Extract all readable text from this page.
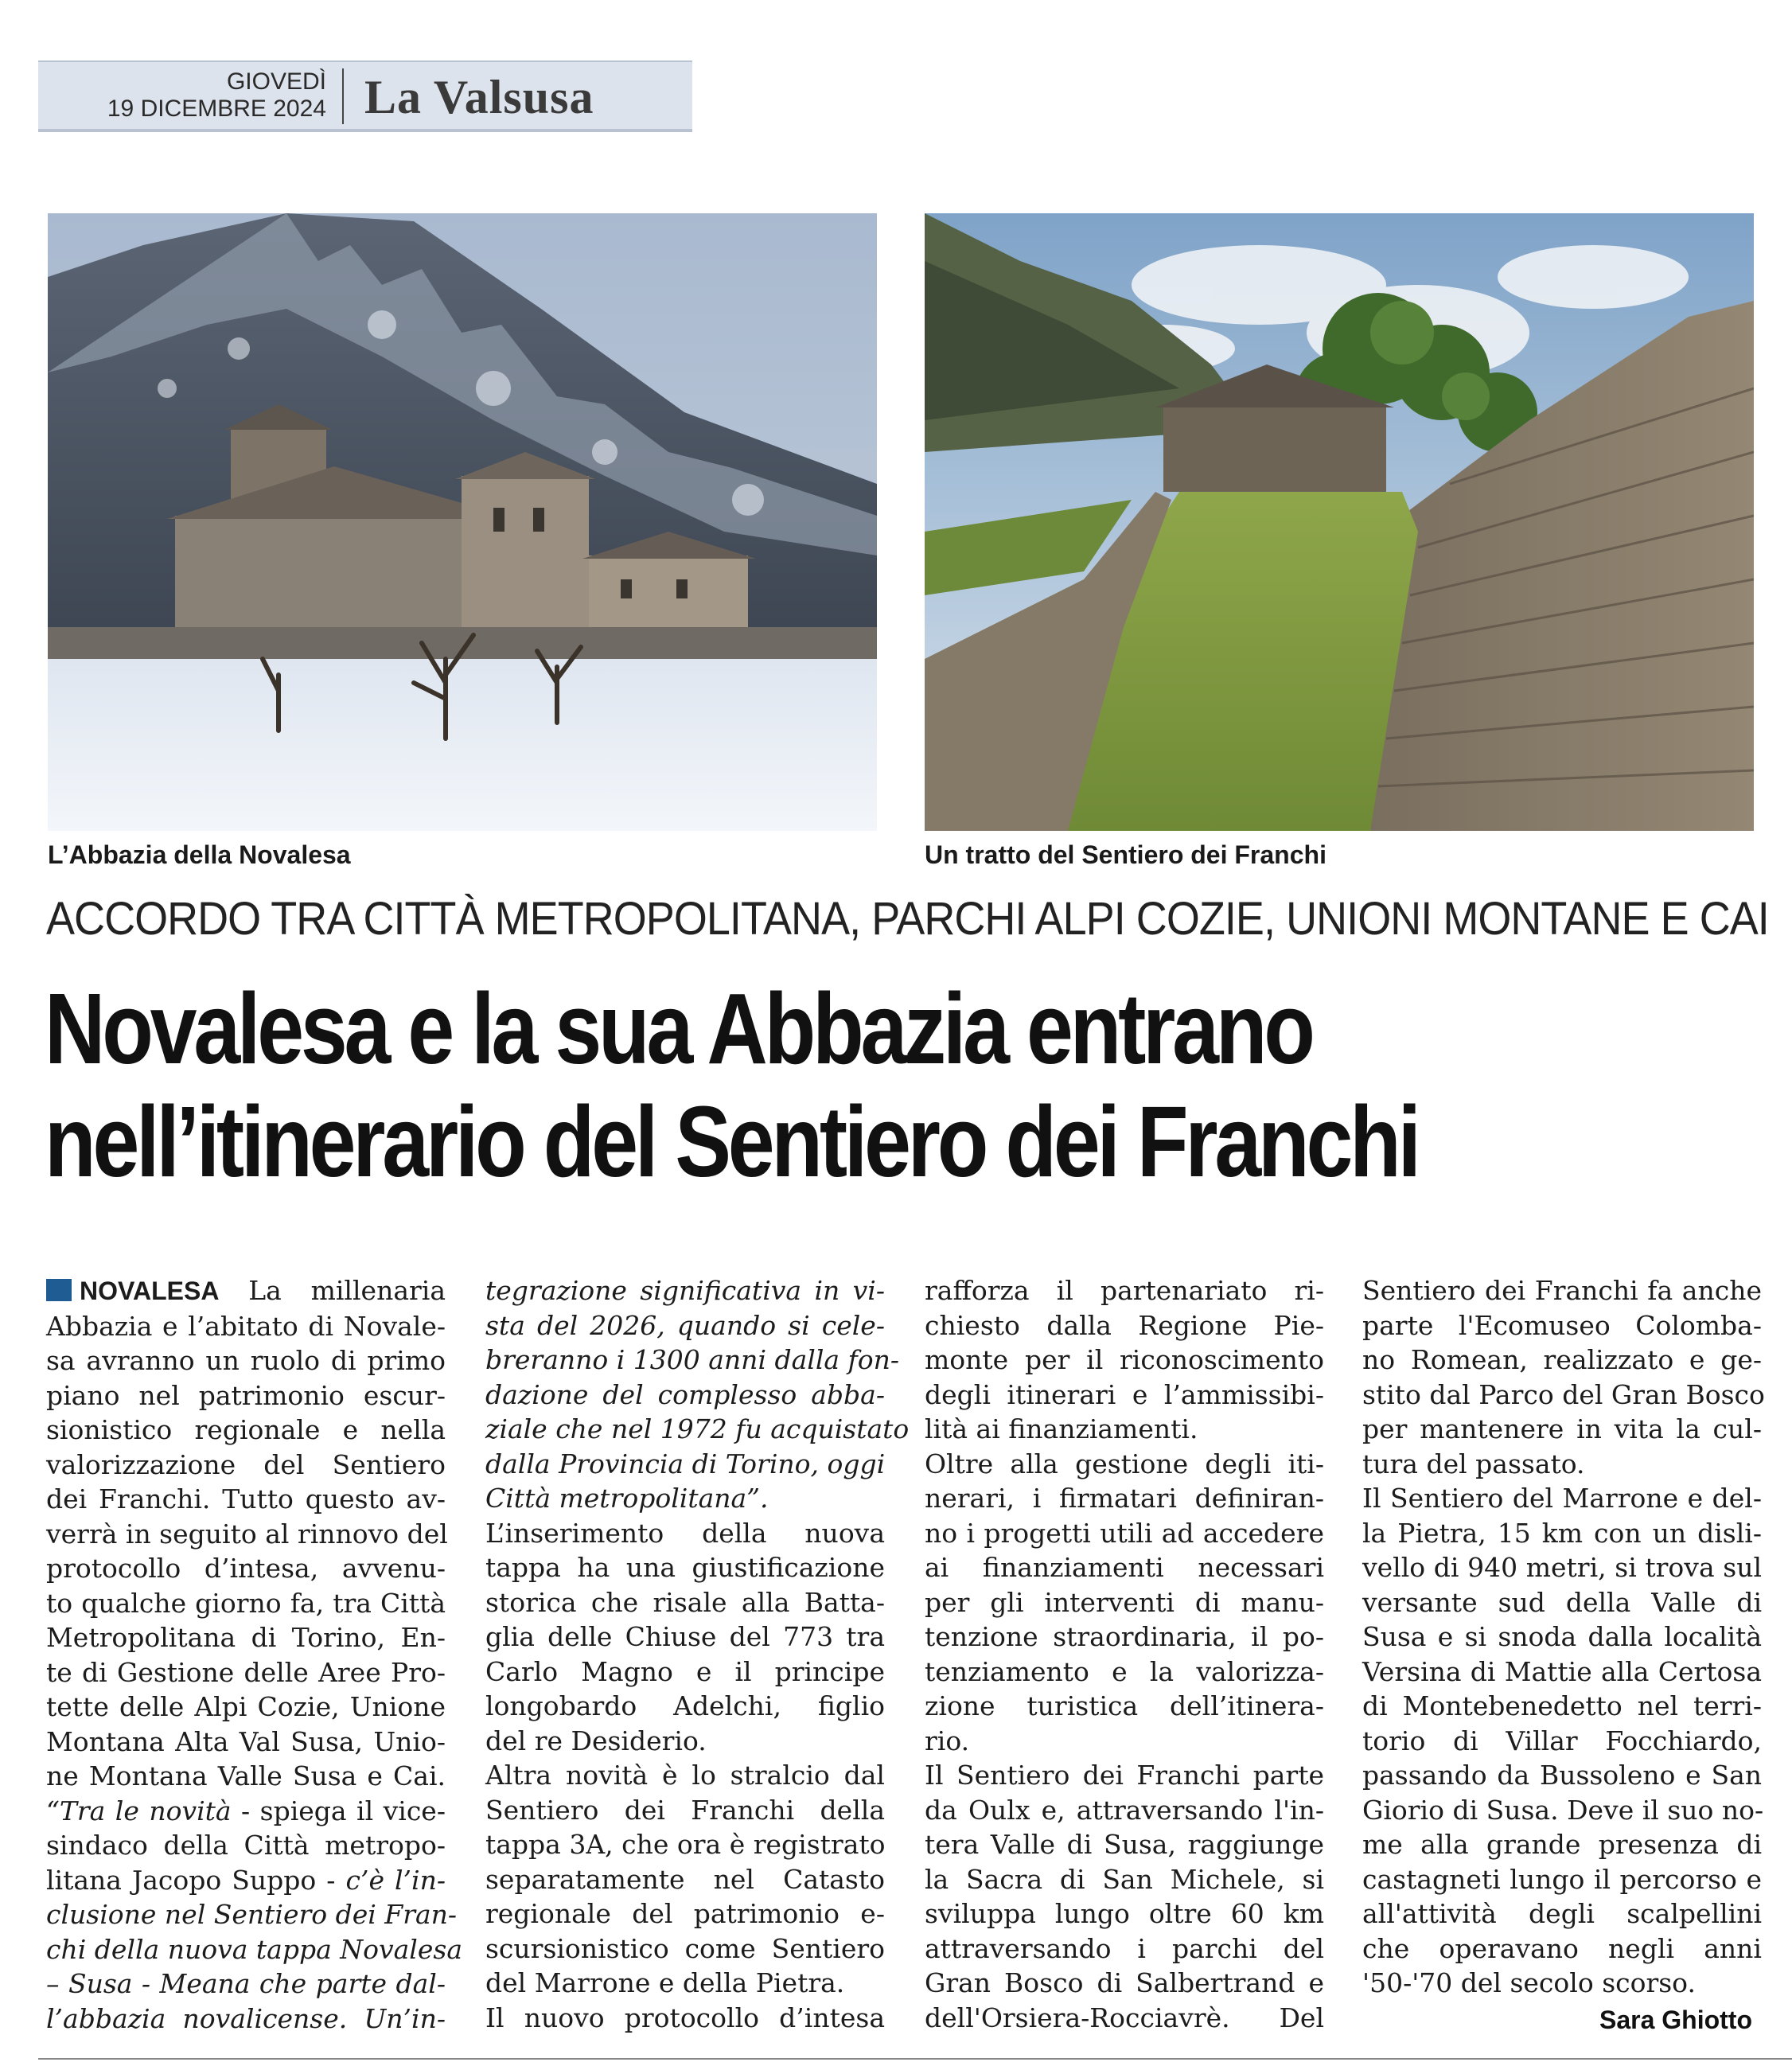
GIOVEDÌ
19 DICEMBRE 2024 La Valsusa
L’Abbazia della Novalesa	Un tratto del Sentiero dei Franchi
ACCORDO TRA CITTÀ METROPOLITANA, PARCHI ALPI COZIE, UNIONI MONTANE E CAI
Novalesa e la sua Abbazia entrano
nell’itinerario del Sentiero dei Franchi
NOVALESA La millenaria
Abbazia e l’abitato di Novale-
sa avranno un ruolo di primo
piano nel patrimonio escur-
sionistico regionale e nella
valorizzazione del Sentiero
dei Franchi. Tutto questo av-
verrà in seguito al rinnovo del
protocollo d’intesa, avvenu-
to qualche giorno fa, tra Città
Metropolitana di Torino, En-
te di Gestione delle Aree Pro-
tette delle Alpi Cozie, Unione
Montana Alta Val Susa, Unio-
ne Montana Valle Susa e Cai.
“Tra le novità - spiega il vice-
sindaco della Città metropo-
litana Jacopo Suppo - c’è l’in-
clusione nel Sentiero dei Fran-
chi della nuova tappa Novalesa
– Susa - Meana che parte dal-
l’abbazia novalicense. Un’in-
tegrazione significativa in vi-
sta del 2026, quando si cele-
breranno i 1300 anni dalla fon-
dazione del complesso abba-
ziale che nel 1972 fu acquistato
dalla Provincia di Torino, oggi
Città metropolitana”.
L’inserimento della nuova
tappa ha una giustificazione
storica che risale alla Batta-
glia delle Chiuse del 773 tra
Carlo Magno e il principe
longobardo Adelchi, figlio
del re Desiderio.
Altra novità è lo stralcio dal
Sentiero dei Franchi della
tappa 3A, che ora è registrato
separatamente nel Catasto
regionale del patrimonio e-
scursionistico come Sentiero
del Marrone e della Pietra.
Il nuovo protocollo d’intesa
rafforza il partenariato ri-
chiesto dalla Regione Pie-
monte per il riconoscimento
degli itinerari e l’ammissibi-
lità ai finanziamenti.
Oltre alla gestione degli iti-
nerari, i firmatari definiran-
no i progetti utili ad accedere
ai finanziamenti necessari
per gli interventi di manu-
tenzione straordinaria, il po-
tenziamento e la valorizza-
zione turistica dell’itinera-
rio.
Il Sentiero dei Franchi parte
da Oulx e, attraversando l'in-
tera Valle di Susa, raggiunge
la Sacra di San Michele, si
sviluppa lungo oltre 60 km
attraversando i parchi del
Gran Bosco di Salbertrand e
dell'Orsiera-Rocciavrè. Del
Sentiero dei Franchi fa anche
parte l'Ecomuseo Colomba-
no Romean, realizzato e ge-
stito dal Parco del Gran Bosco
per mantenere in vita la cul-
tura del passato.
Il Sentiero del Marrone e del-
la Pietra, 15 km con un disli-
vello di 940 metri, si trova sul
versante sud della Valle di
Susa e si snoda dalla località
Versina di Mattie alla Certosa
di Montebenedetto nel terri-
torio di Villar Focchiardo,
passando da Bussoleno e San
Giorio di Susa. Deve il suo no-
me alla grande presenza di
castagneti lungo il percorso e
all'attività degli scalpellini
che operavano negli anni
'50-'70 del secolo scorso.
Sara Ghiotto
